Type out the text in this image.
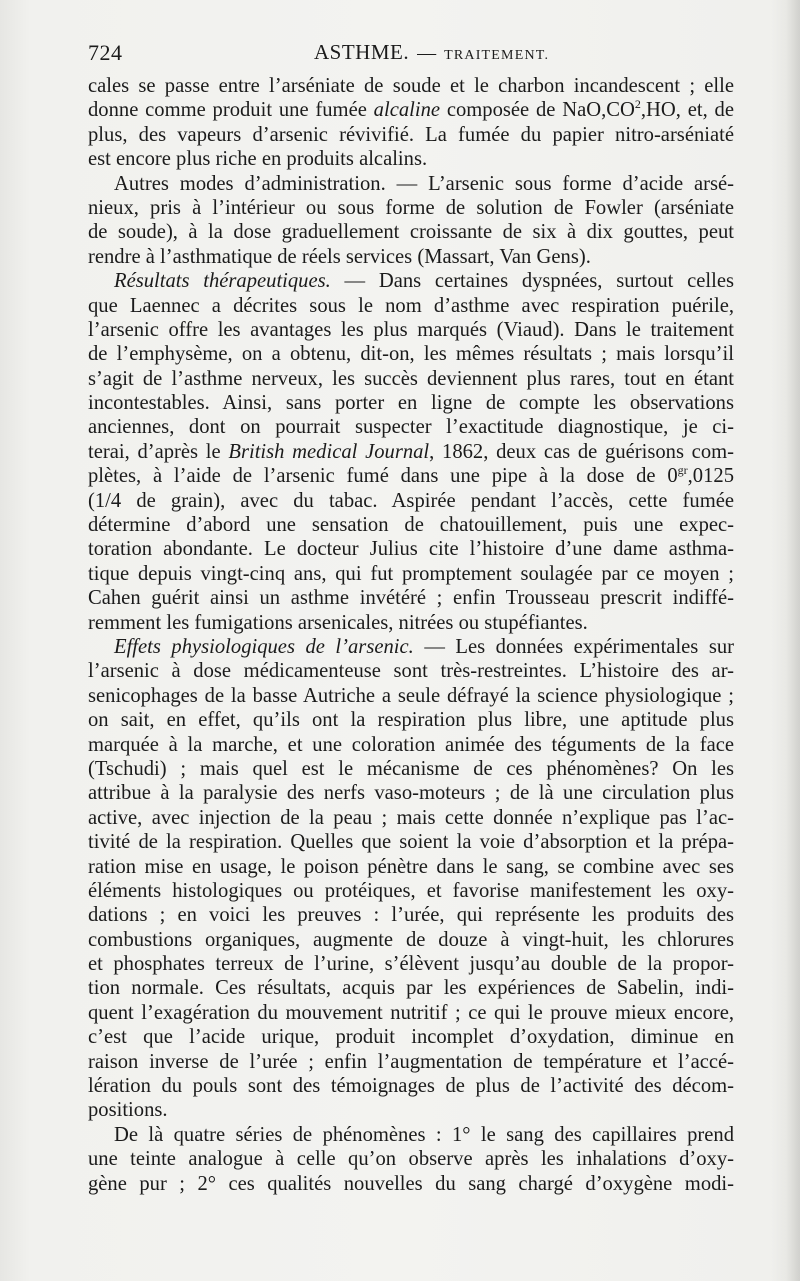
724	ASTHME. — TRAITEMENT.
cales se passe entre l’arséniate de soude et le charbon incandescent ; elle
donne comme produit une fumée alcaline composée de $NaO,CO^2,HO$, et, de
plus, des vapeurs d’arsenic révivifié. La fumée du papier nitro-arséniaté
est encore plus riche en produits alcalins.
Autres modes d’administration. — L’arsenic sous forme d’acide arsé-
nieux, pris à l’intérieur ou sous forme de solution de Fowler (arséniate
de soude), à la dose graduellement croissante de six à dix gouttes, peut
rendre à l’asthmatique de réels services (Massart, Van Gens).
Résultats thérapeutiques. — Dans certaines dyspnées, surtout celles
que Laennec a décrites sous le nom d’asthme avec respiration puérile,
l’arsenic offre les avantages les plus marqués (Viaud). Dans le traitement
de l’emphysème, on a obtenu, dit-on, les mêmes résultats ; mais lorsqu’il
s’agit de l’asthme nerveux, les succès deviennent plus rares, tout en étant
incontestables. Ainsi, sans porter en ligne de compte les observations
anciennes, dont on pourrait suspecter l’exactitude diagnostique, je ci-
terai, d’après le British medical Journal, 1862, deux cas de guérisons com-
plètes, à l’aide de l’arsenic fumé dans une pipe à la dose de $0^{gr},0125$
(1/4 de grain), avec du tabac. Aspirée pendant l’accès, cette fumée
détermine d’abord une sensation de chatouillement, puis une expec-
toration abondante. Le docteur Julius cite l’histoire d’une dame asthma-
tique depuis vingt-cinq ans, qui fut promptement soulagée par ce moyen ;
Cahen guérit ainsi un asthme invétéré ; enfin Trousseau prescrit indiffé-
remment les fumigations arsenicales, nitrées ou stupéfiantes.
Effets physiologiques de l’arsenic. — Les données expérimentales sur
l’arsenic à dose médicamenteuse sont très-restreintes. L’histoire des ar-
senicophages de la basse Autriche a seule défrayé la science physiologique ;
on sait, en effet, qu’ils ont la respiration plus libre, une aptitude plus
marquée à la marche, et une coloration animée des téguments de la face
(Tschudi) ; mais quel est le mécanisme de ces phénomènes? On les
attribue à la paralysie des nerfs vaso-moteurs ; de là une circulation plus
active, avec injection de la peau ; mais cette donnée n’explique pas l’ac-
tivité de la respiration. Quelles que soient la voie d’absorption et la prépa-
ration mise en usage, le poison pénètre dans le sang, se combine avec ses
éléments histologiques ou protéiques, et favorise manifestement les oxy-
dations ; en voici les preuves : l’urée, qui représente les produits des
combustions organiques, augmente de douze à vingt-huit, les chlorures
et phosphates terreux de l’urine, s’élèvent jusqu’au double de la propor-
tion normale. Ces résultats, acquis par les expériences de Sabelin, indi-
quent l’exagération du mouvement nutritif ; ce qui le prouve mieux encore,
c’est que l’acide urique, produit incomplet d’oxydation, diminue en
raison inverse de l’urée ; enfin l’augmentation de température et l’accé-
lération du pouls sont des témoignages de plus de l’activité des décom-
positions.
De là quatre séries de phénomènes : 1° le sang des capillaires prend
une teinte analogue à celle qu’on observe après les inhalations d’oxy-
gène pur ; 2° ces qualités nouvelles du sang chargé d’oxygène modi-
